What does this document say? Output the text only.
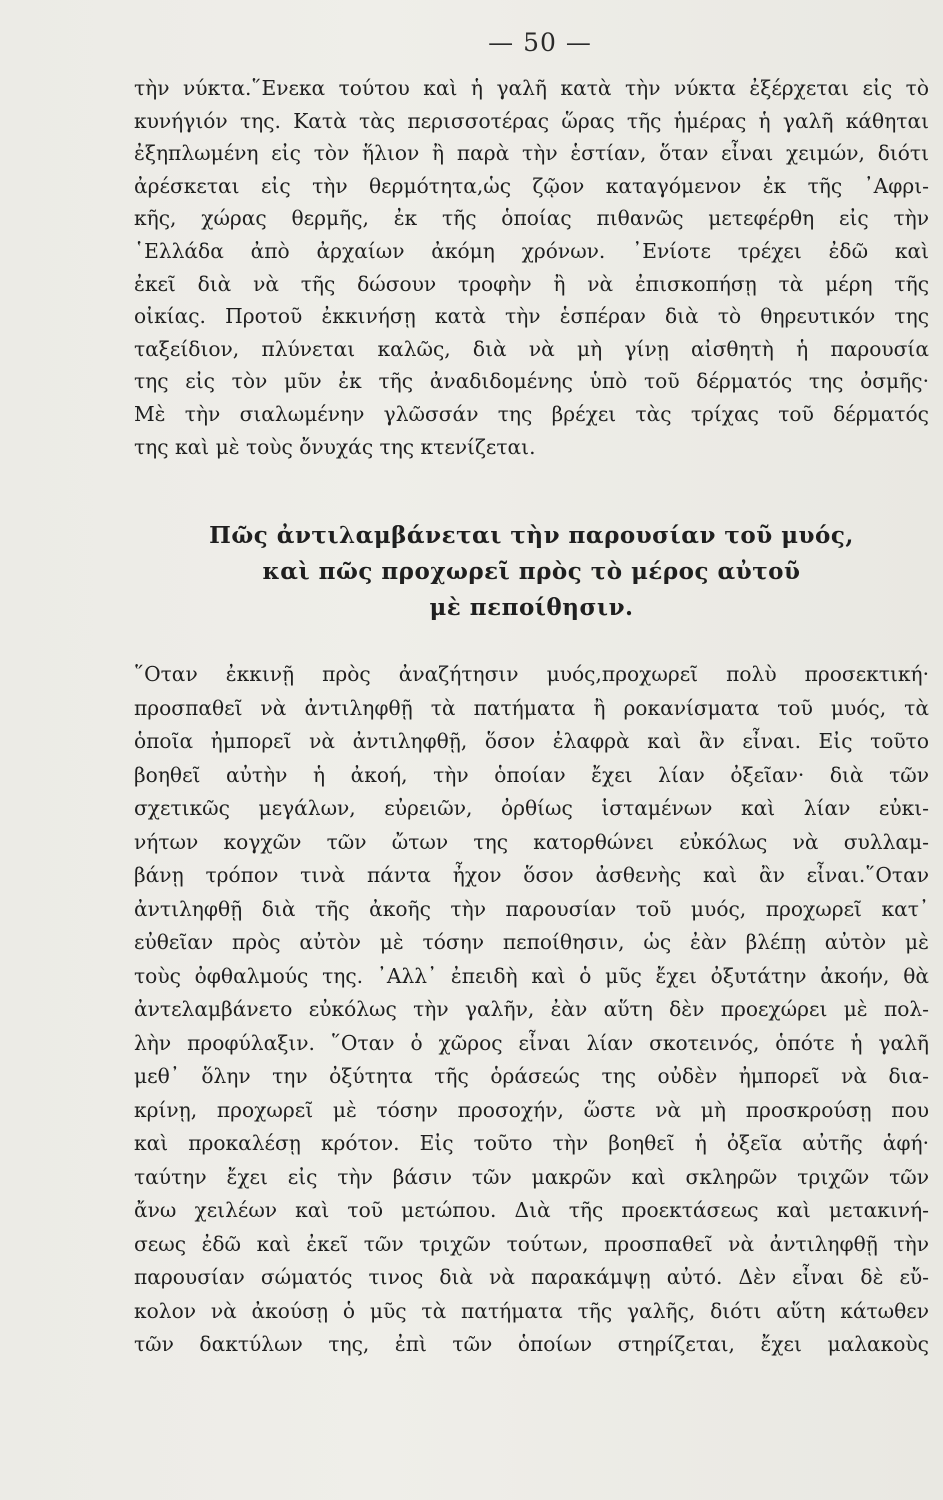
— 50 —
τὴν νύκτα.῞Ενεκα τούτου καὶ ἡ γαλῆ κατὰ τὴν νύκτα ἐξέρχεται εἰς τὸ
κυνήγιόν της. Κατὰ τὰς περισσοτέρας ὥρας τῆς ἡμέρας ἡ γαλῆ κάθηται
ἐξηπλωμένη εἰς τὸν ἥλιον ἢ παρὰ τὴν ἑστίαν, ὅταν εἶναι χειμών, διότι
ἀρέσκεται εἰς τὴν θερμότητα,ὡς ζῷον καταγόμενον ἐκ τῆς ᾽Αφρι-
κῆς, χώρας θερμῆς, ἐκ τῆς ὁποίας πιθανῶς μετεφέρθη εἰς τὴν
῾Ελλάδα ἀπὸ ἀρχαίων ἀκόμη χρόνων. ᾽Ενίοτε τρέχει ἐδῶ καὶ
ἐκεῖ διὰ νὰ τῆς δώσουν τροφὴν ἢ νὰ ἐπισκοπήσῃ τὰ μέρη τῆς
οἰκίας. Προτοῦ ἐκκινήσῃ κατὰ τὴν ἑσπέραν διὰ τὸ θηρευτικόν της
ταξείδιον, πλύνεται καλῶς, διὰ νὰ μὴ γίνῃ αἰσθητὴ ἡ παρουσία
της εἰς τὸν μῦν ἐκ τῆς ἀναδιδομένης ὑπὸ τοῦ δέρματός της ὀσμῆς·
Μὲ τὴν σιαλωμένην γλῶσσάν της βρέχει τὰς τρίχας τοῦ δέρματός
της καὶ μὲ τοὺς ὄνυχάς της κτενίζεται.
Πῶς ἀντιλαμβάνεται τὴν παρουσίαν τοῦ μυός,
καὶ πῶς προχωρεῖ πρὸς τὸ μέρος αὐτοῦ
μὲ πεποίθησιν.
῞Οταν ἐκκινῇ πρὸς ἀναζήτησιν μυός,προχωρεῖ πολὺ προσεκτική·
προσπαθεῖ νὰ ἀντιληφθῇ τὰ πατήματα ἢ ροκανίσματα τοῦ μυός, τὰ
ὁποῖα ἠμπορεῖ νὰ ἀντιληφθῇ, ὅσον ἐλαφρὰ καὶ ἂν εἶναι. Εἰς τοῦτο
βοηθεῖ αὐτὴν ἡ ἀκοή, τὴν ὁποίαν ἔχει λίαν ὀξεῖαν· διὰ τῶν
σχετικῶς μεγάλων, εὐρειῶν, ὀρθίως ἱσταμένων καὶ λίαν εὐκι-
νήτων κογχῶν τῶν ὤτων της κατορθώνει εὐκόλως νὰ συλλαμ-
βάνῃ τρόπον τινὰ πάντα ἦχον ὅσον ἀσθενὴς καὶ ἂν εἶναι.῞Οταν
ἀντιληφθῇ διὰ τῆς ἀκοῆς τὴν παρουσίαν τοῦ μυός, προχωρεῖ κατ᾽
εὐθεῖαν πρὸς αὐτὸν μὲ τόσην πεποίθησιν, ὡς ἐὰν βλέπῃ αὐτὸν μὲ
τοὺς ὀφθαλμούς της. ᾽Αλλ᾽ ἐπειδὴ καὶ ὁ μῦς ἔχει ὀξυτάτην ἀκοήν, θὰ
ἀντελαμβάνετο εὐκόλως τὴν γαλῆν, ἐὰν αὕτη δὲν προεχώρει μὲ πολ-
λὴν προφύλαξιν. ῞Οταν ὁ χῶρος εἶναι λίαν σκοτεινός, ὁπότε ἡ γαλῆ
μεθ᾽ ὅλην την ὀξύτητα τῆς ὁράσεώς της οὐδὲν ἠμπορεῖ νὰ δια-
κρίνῃ, προχωρεῖ μὲ τόσην προσοχήν, ὥστε νὰ μὴ προσκρούσῃ που
καὶ προκαλέσῃ κρότον. Εἰς τοῦτο τὴν βοηθεῖ ἡ ὀξεῖα αὐτῆς ἁφή·
ταύτην ἔχει εἰς τὴν βάσιν τῶν μακρῶν καὶ σκληρῶν τριχῶν τῶν
ἄνω χειλέων καὶ τοῦ μετώπου. Διὰ τῆς προεκτάσεως καὶ μετακινή-
σεως ἐδῶ καὶ ἐκεῖ τῶν τριχῶν τούτων, προσπαθεῖ νὰ ἀντιληφθῇ τὴν
παρουσίαν σώματός τινος διὰ νὰ παρακάμψῃ αὐτό. Δὲν εἶναι δὲ εὔ-
κολον νὰ ἀκούσῃ ὁ μῦς τὰ πατήματα τῆς γαλῆς, διότι αὕτη κάτωθεν
τῶν δακτύλων της, ἐπὶ τῶν ὁποίων στηρίζεται, ἔχει μαλακοὺς
